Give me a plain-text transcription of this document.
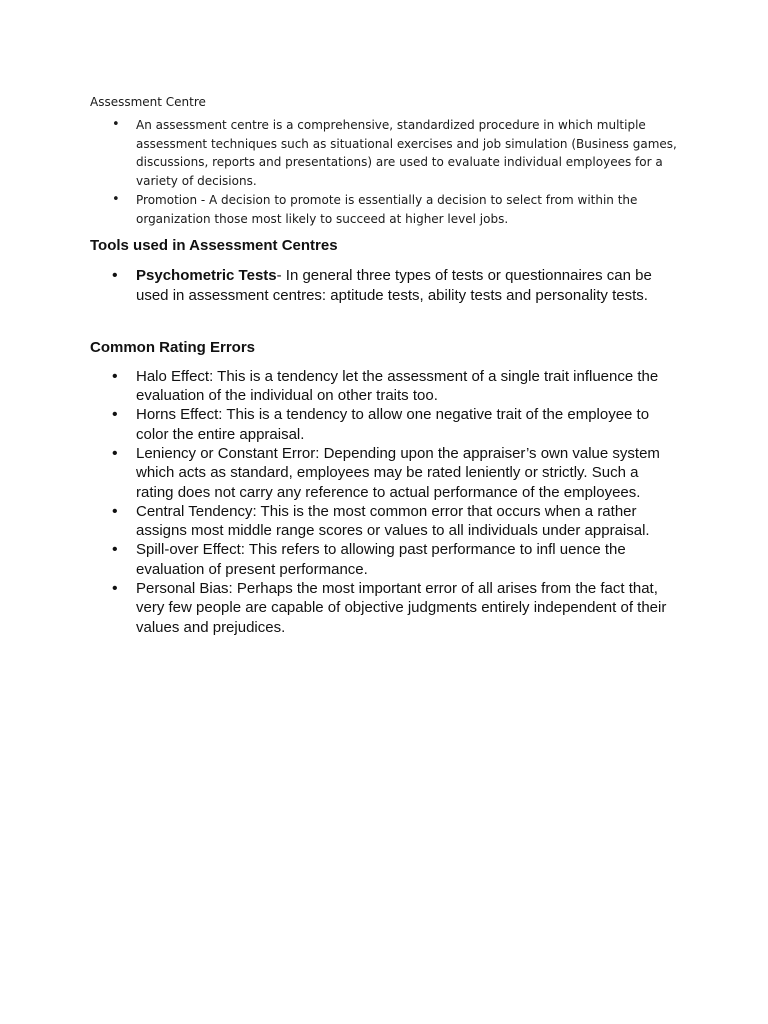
Assessment Centre
• An assessment centre is a comprehensive, standardized procedure in which multiple assessment techniques such as situational exercises and job simulation (Business games, discussions, reports and presentations) are used to evaluate individual employees for a variety of decisions.
• Promotion - A decision to promote is essentially a decision to select from within the organization those most likely to succeed at higher level jobs.
Tools used in Assessment Centres
• Psychometric Tests- In general three types of tests or questionnaires can be used in assessment centres: aptitude tests, ability tests and personality tests.
Common Rating Errors
• Halo Effect: This is a tendency let the assessment of a single trait influence the evaluation of the individual on other traits too.
• Horns Effect: This is a tendency to allow one negative trait of the employee to color the entire appraisal.
• Leniency or Constant Error: Depending upon the appraiser’s own value system which acts as standard, employees may be rated leniently or strictly. Such a rating does not carry any reference to actual performance of the employees.
• Central Tendency: This is the most common error that occurs when a rather assigns most middle range scores or values to all individuals under appraisal.
• Spill-over Effect: This refers to allowing past performance to infl uence the evaluation of present performance.
• Personal Bias: Perhaps the most important error of all arises from the fact that, very few people are capable of objective judgments entirely independent of their values and prejudices.
